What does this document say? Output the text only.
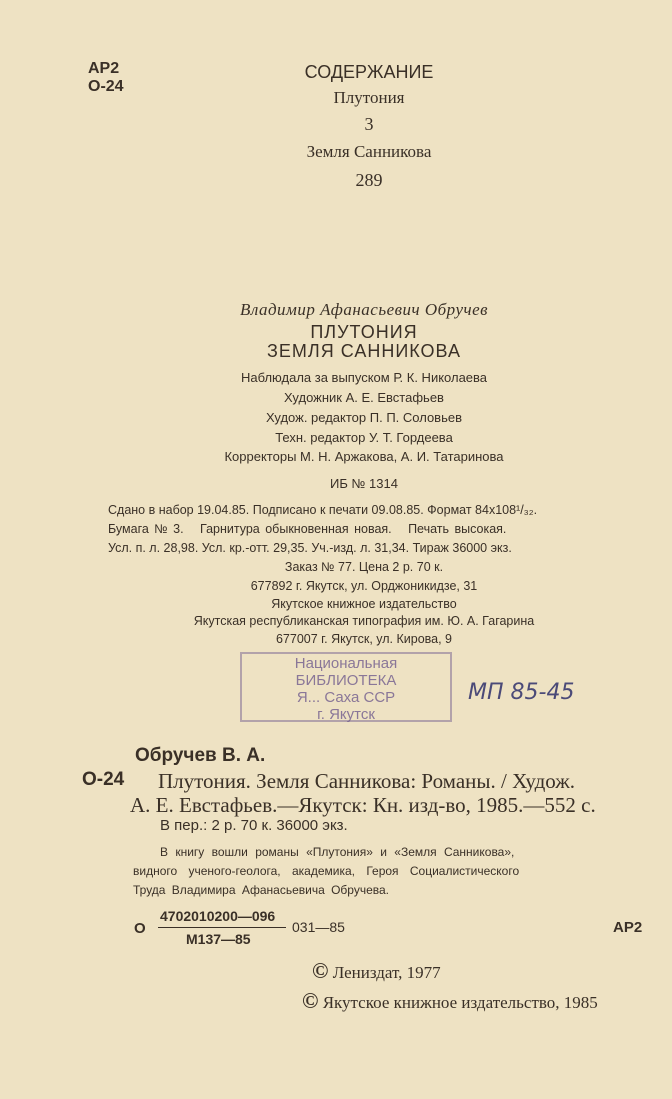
АР2
О-24
СОДЕРЖАНИЕ
Плутония
3
Земля Санникова
289
Владимир Афанасьевич Обручев
ПЛУТОНИЯ
ЗЕМЛЯ САННИКОВА
Наблюдала за выпуском Р. К. Николаева
Художник А. Е. Евстафьев
Худож. редактор П. П. Соловьев
Техн. редактор У. Т. Гордеева
Корректоры М. Н. Аржакова, А. И. Татаринова
ИБ № 1314
Сдано в набор 19.04.85. Подписано к печати 09.08.85. Формат 84х108¹/₃₂.
Бумага № 3.   Гарнитура обыкновенная новая.   Печать высокая.
Усл. п. л. 28,98. Усл. кр.-отт. 29,35. Уч.-изд. л. 31,34. Тираж 36000 экз.
Заказ № 77. Цена 2 р. 70 к.
677892 г. Якутск, ул. Орджоникидзе, 31
Якутское книжное издательство
Якутская республиканская типография им. Ю. А. Гагарина
677007 г. Якутск, ул. Кирова, 9
Национальная
БИБЛИОТЕКА
Я... Саха ССР
г. Якутск
МП 85-45
Обручев В. А.
О-24 Плутония. Земля Санникова: Романы. / Худож.
А. Е. Евстафьев.—Якутск: Кн. изд-во, 1985.—552 с.
В пер.: 2 р. 70 к. 36000 экз.
В книгу вошли романы «Плутония» и «Земля Санникова»,
видного ученого-геолога, академика, Героя Социалистического
Труда Владимира Афанасьевича Обручева.
О
4702010200—096
М137—85
031—85	АР2
© Лениздат, 1977
© Якутское книжное издательство, 1985
